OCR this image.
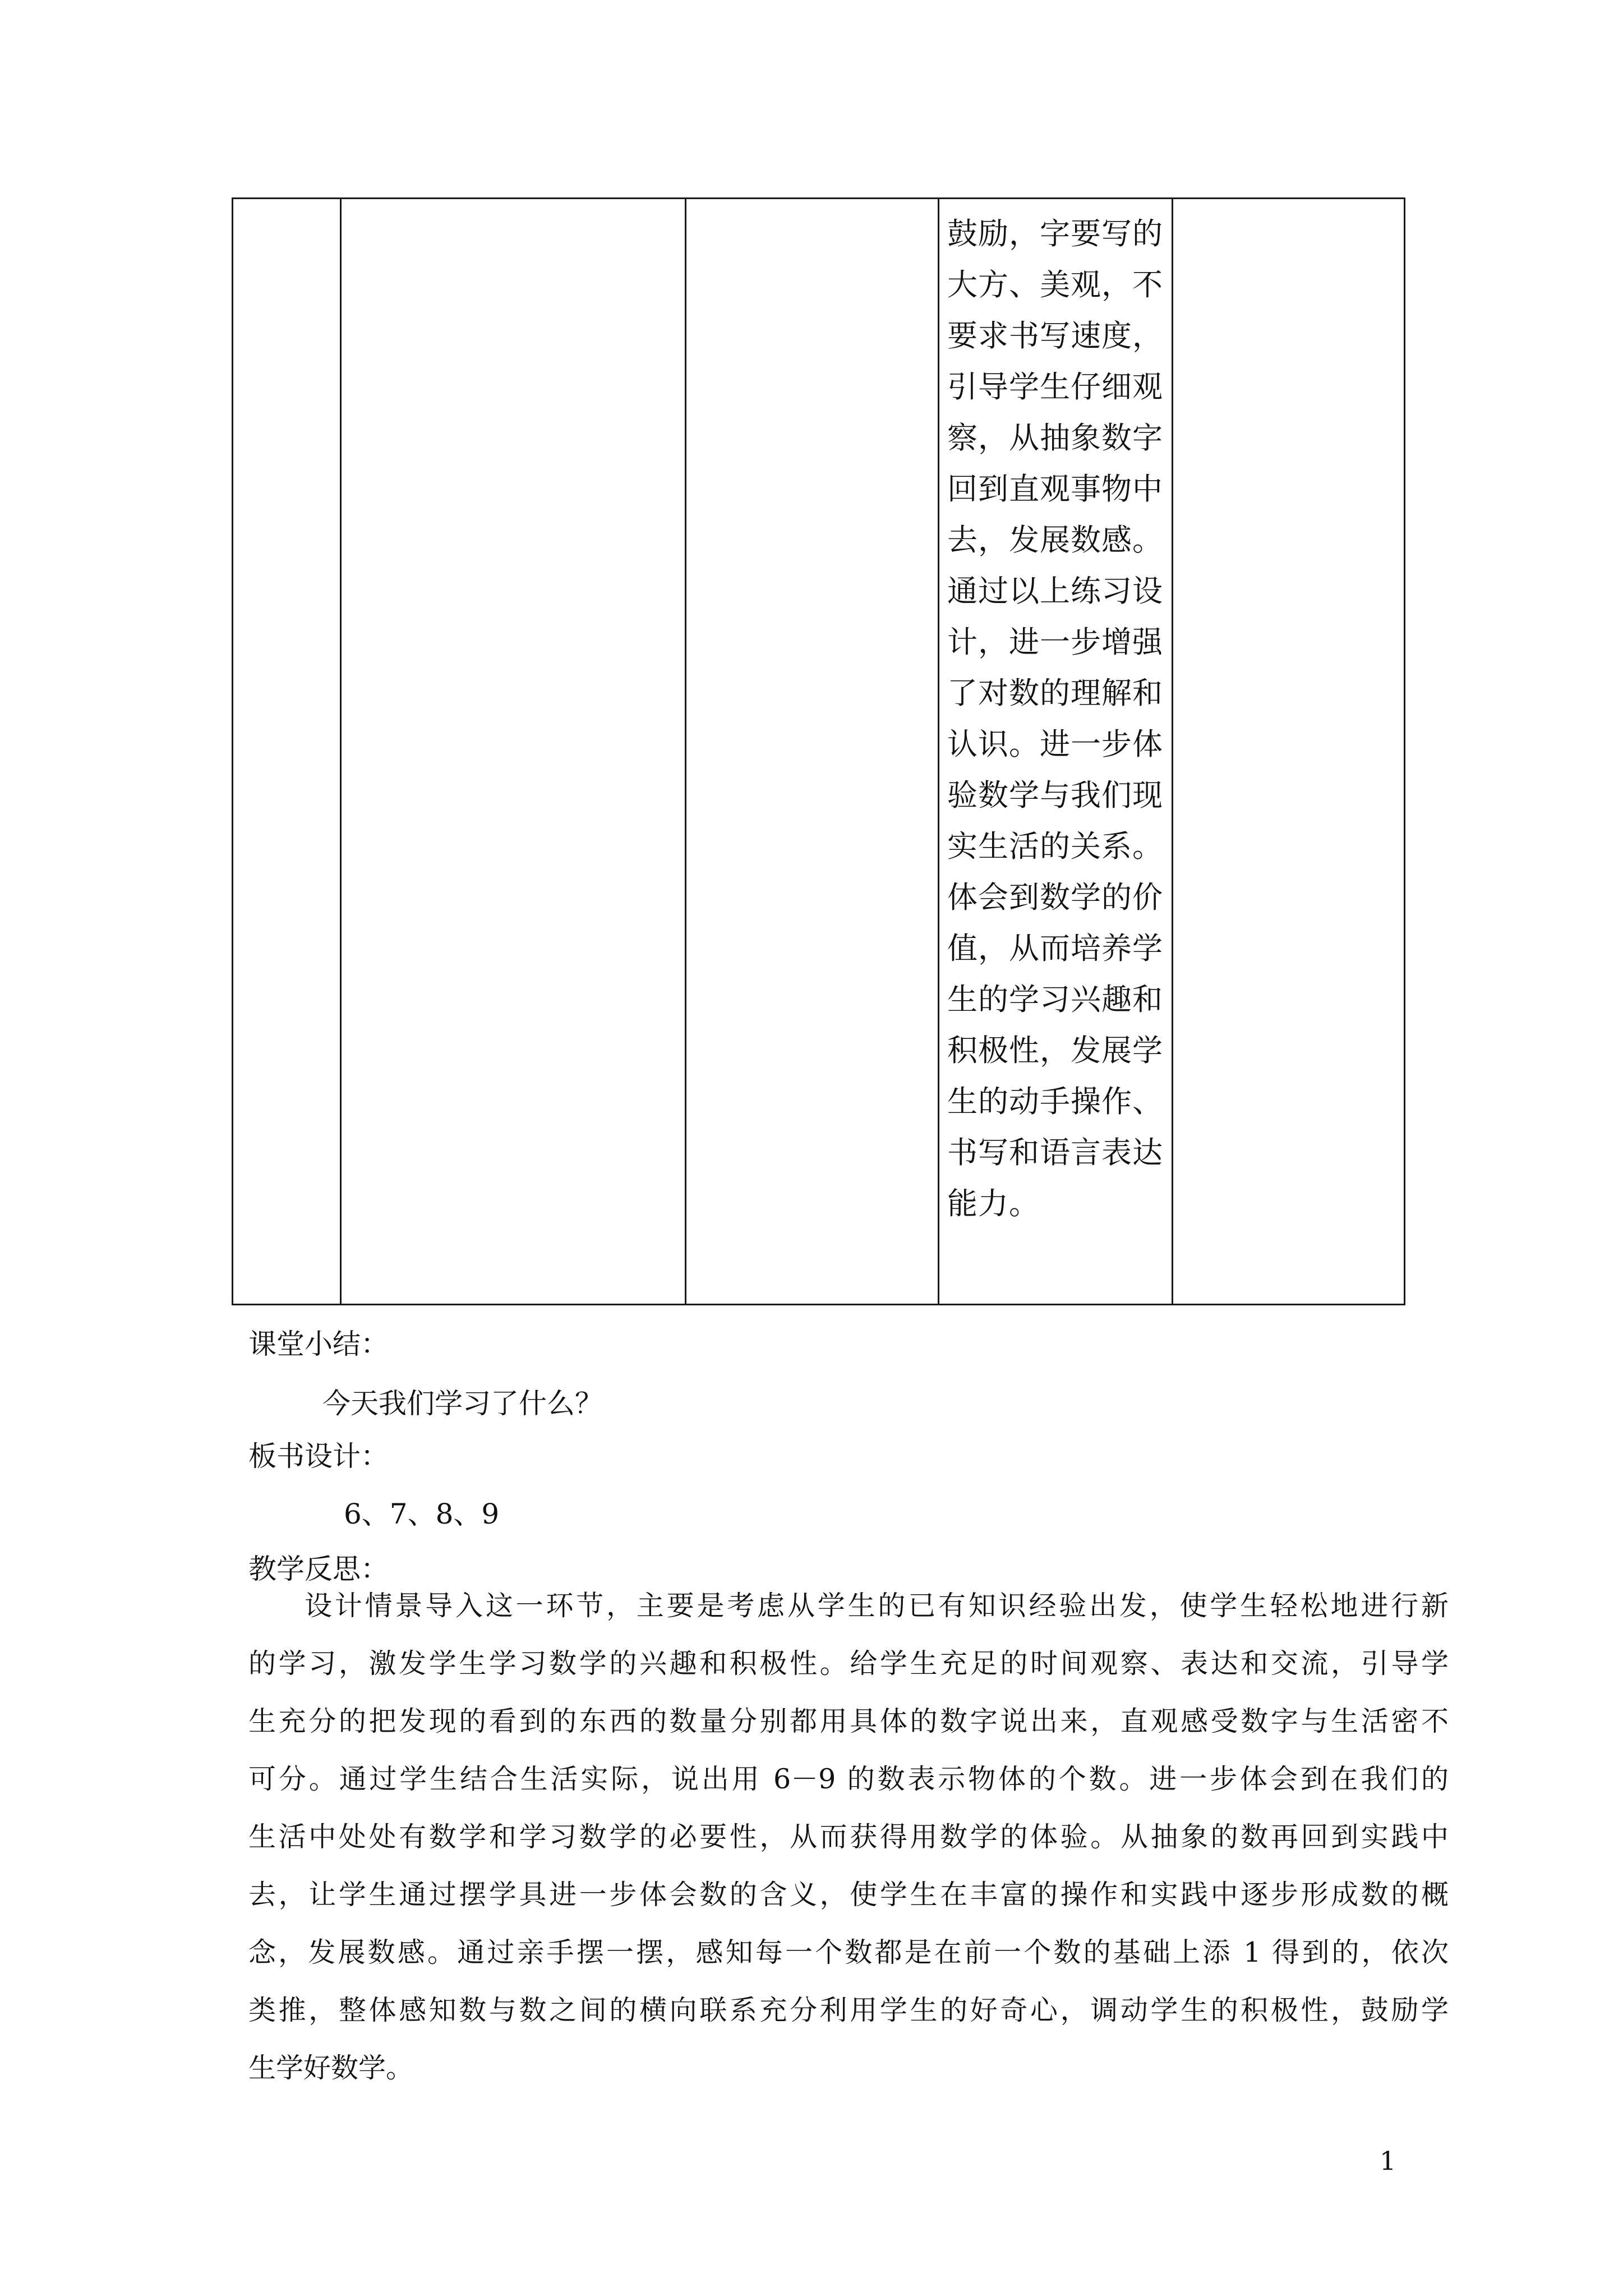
鼓励，字要写的
大方、美观，不
要求书写速度，
引导学生仔细观
察，从抽象数字
回到直观事物中
去，发展数感。
通过以上练习设
计，进一步增强
了对数的理解和
认识。进一步体
验数学与我们现
实生活的关系。
体会到数学的价
值，从而培养学
生的学习兴趣和
积极性，发展学
生的动手操作、
书写和语言表达
能力。
课堂小结：
今天我们学习了什么？
板书设计：
6、7、8、9
教学反思：
设计情景导入这一环节，主要是考虑从学生的已有知识经验出发，使学生轻松地进行新
的学习，激发学生学习数学的兴趣和积极性。给学生充足的时间观察、表达和交流，引导学
生充分的把发现的看到的东西的数量分别都用具体的数字说出来，直观感受数字与生活密不
可分。通过学生结合生活实际，说出用 6－9 的数表示物体的个数。进一步体会到在我们的
生活中处处有数学和学习数学的必要性，从而获得用数学的体验。从抽象的数再回到实践中
去，让学生通过摆学具进一步体会数的含义，使学生在丰富的操作和实践中逐步形成数的概
念，发展数感。通过亲手摆一摆，感知每一个数都是在前一个数的基础上添 1 得到的，依次
类推，整体感知数与数之间的横向联系充分利用学生的好奇心，调动学生的积极性，鼓励学
生学好数学。
1
